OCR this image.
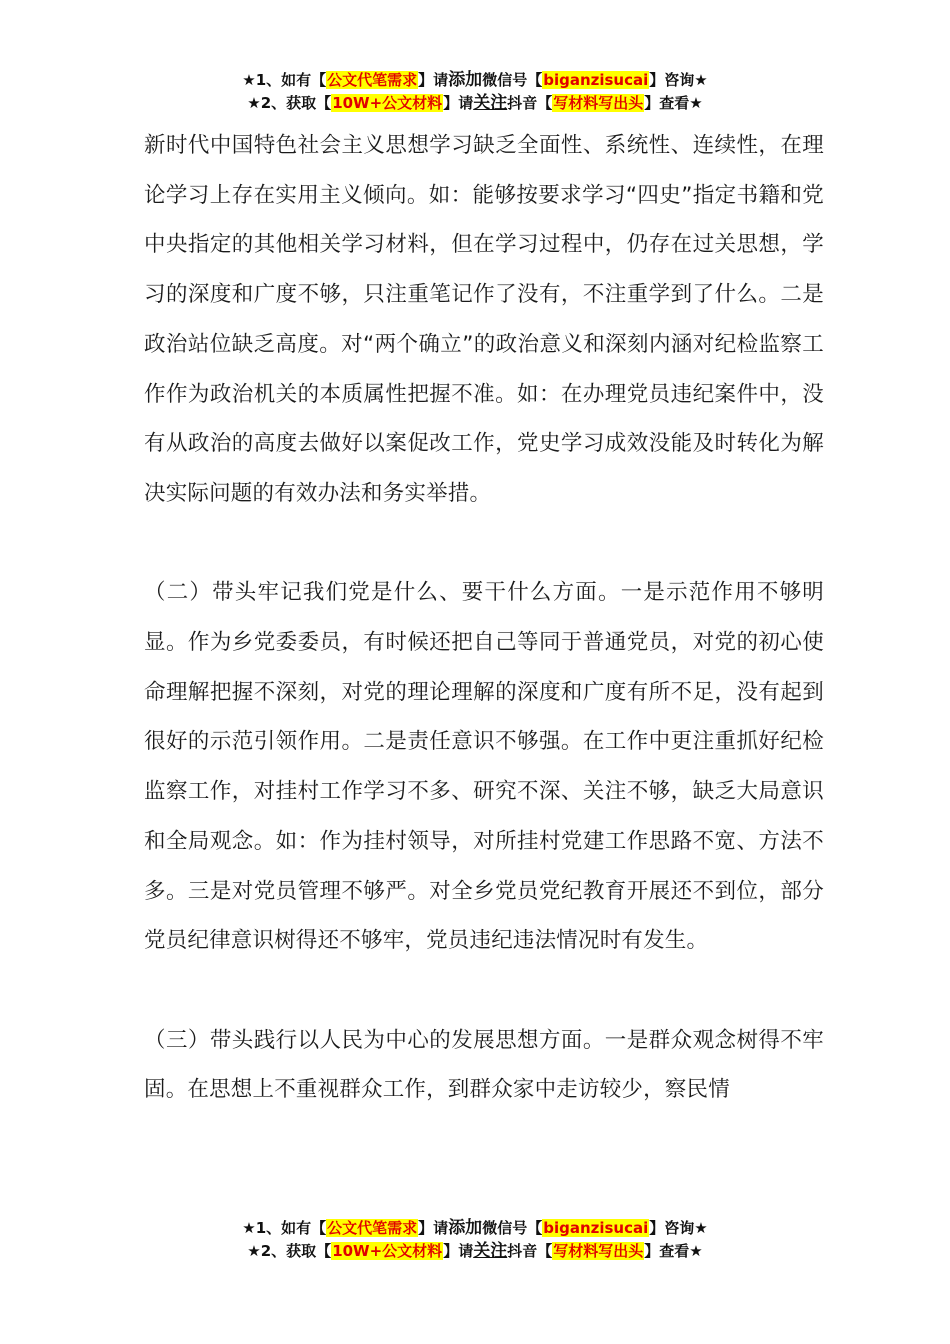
★1、如有【公文代笔需求】请添加微信号【biganzisucai】咨询★
★2、获取【10W+公文材料】请关注抖音【写材料写出头】查看★

新时代中国特色社会主义思想学习缺乏全面性、系统性、连续性，在理论学习上存在实用主义倾向。如：能够按要求学习“四史”指定书籍和党中央指定的其他相关学习材料，但在学习过程中，仍存在过关思想，学习的深度和广度不够，只注重笔记作了没有，不注重学到了什么。二是政治站位缺乏高度。对“两个确立”的政治意义和深刻内涵对纪检监察工作作为政治机关的本质属性把握不准。如：在办理党员违纪案件中，没有从政治的高度去做好以案促改工作，党史学习成效没能及时转化为解决实际问题的有效办法和务实举措。

（二）带头牢记我们党是什么、要干什么方面。一是示范作用不够明显。作为乡党委委员，有时候还把自己等同于普通党员，对党的初心使命理解把握不深刻，对党的理论理解的深度和广度有所不足，没有起到很好的示范引领作用。二是责任意识不够强。在工作中更注重抓好纪检监察工作，对挂村工作学习不多、研究不深、关注不够，缺乏大局意识和全局观念。如：作为挂村领导，对所挂村党建工作思路不宽、方法不多。三是对党员管理不够严。对全乡党员党纪教育开展还不到位，部分党员纪律意识树得还不够牢，党员违纪违法情况时有发生。

（三）带头践行以人民为中心的发展思想方面。一是群众观念树得不牢固。在思想上不重视群众工作，到群众家中走访较少，察民情

★1、如有【公文代笔需求】请添加微信号【biganzisucai】咨询★
★2、获取【10W+公文材料】请关注抖音【写材料写出头】查看★
